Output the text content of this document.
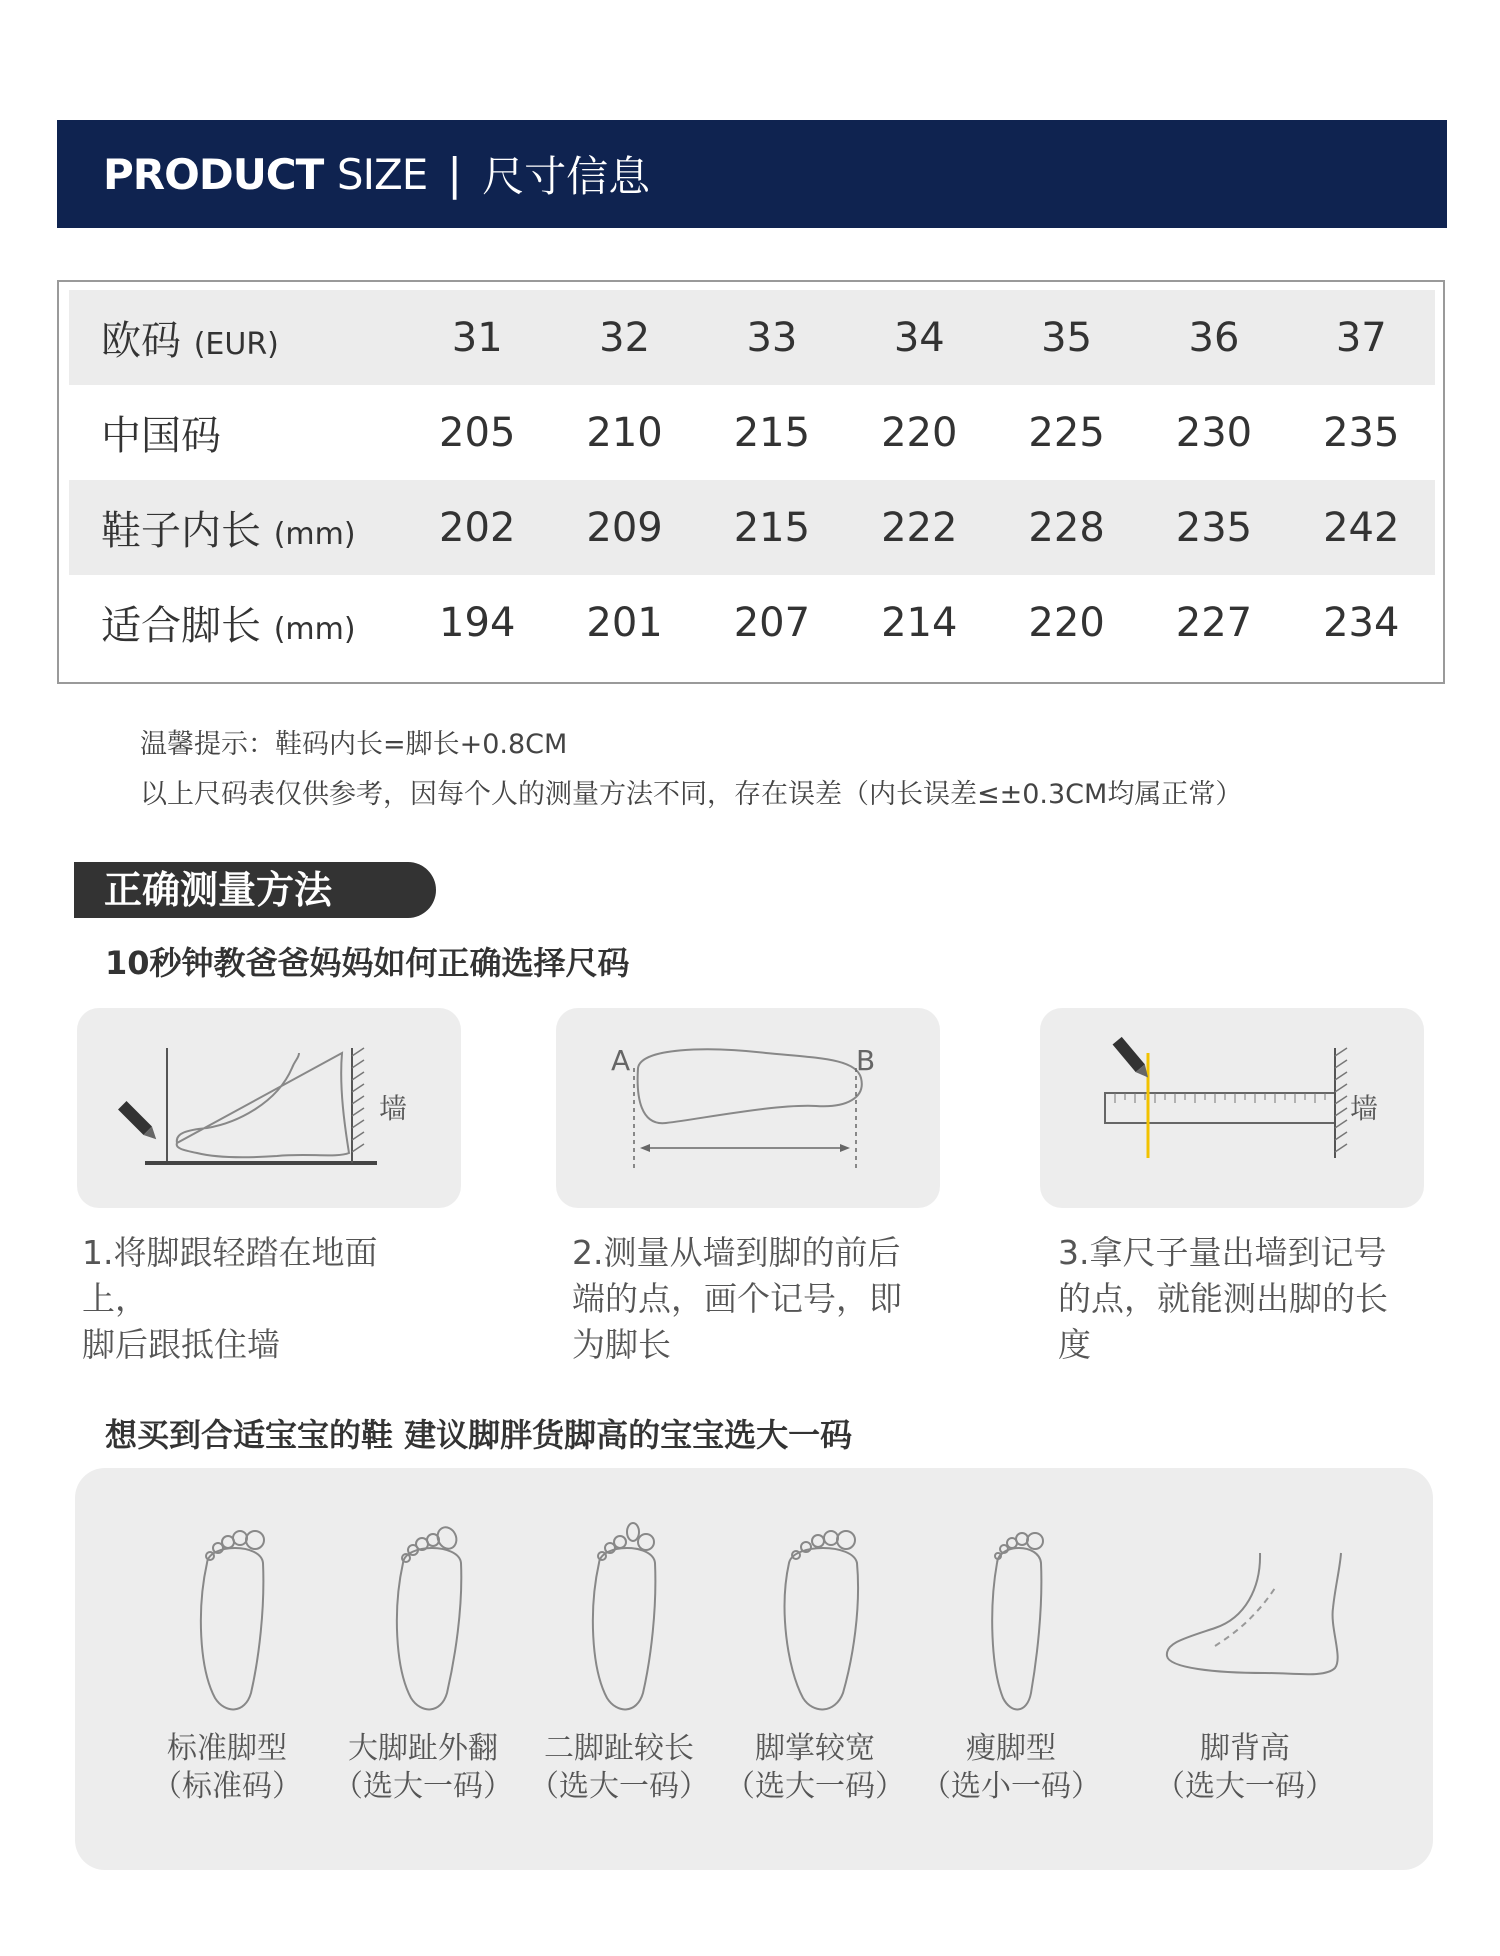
PRODUCT SIZE | 尺寸信息
欧码 (EUR)	31	32	33	34	35	36	37
中国码	205	210	215	220	225	230	235
鞋子内长 (mm)	202	209	215	222	228	235	242
适合脚长 (mm)	194	201	207	214	220	227	234
温馨提示：鞋码内长=脚长+0.8CM
以上尺码表仅供参考，因每个人的测量方法不同，存在误差（内长误差≤±0.3CM均属正常）
正确测量方法
10秒钟教爸爸妈妈如何正确选择尺码
墙
A	B
墙
1.将脚跟轻踏在地面上，
脚后跟抵住墙
2.测量从墙到脚的前后
端的点，画个记号，即
为脚长
3.拿尺子量出墙到记号
的点，就能测出脚的长
度
想买到合适宝宝的鞋 建议脚胖货脚高的宝宝选大一码
标准脚型
（标准码）
大脚趾外翻
（选大一码）
二脚趾较长
（选大一码）
脚掌较宽
（选大一码）
瘦脚型
（选小一码）
脚背高
（选大一码）
